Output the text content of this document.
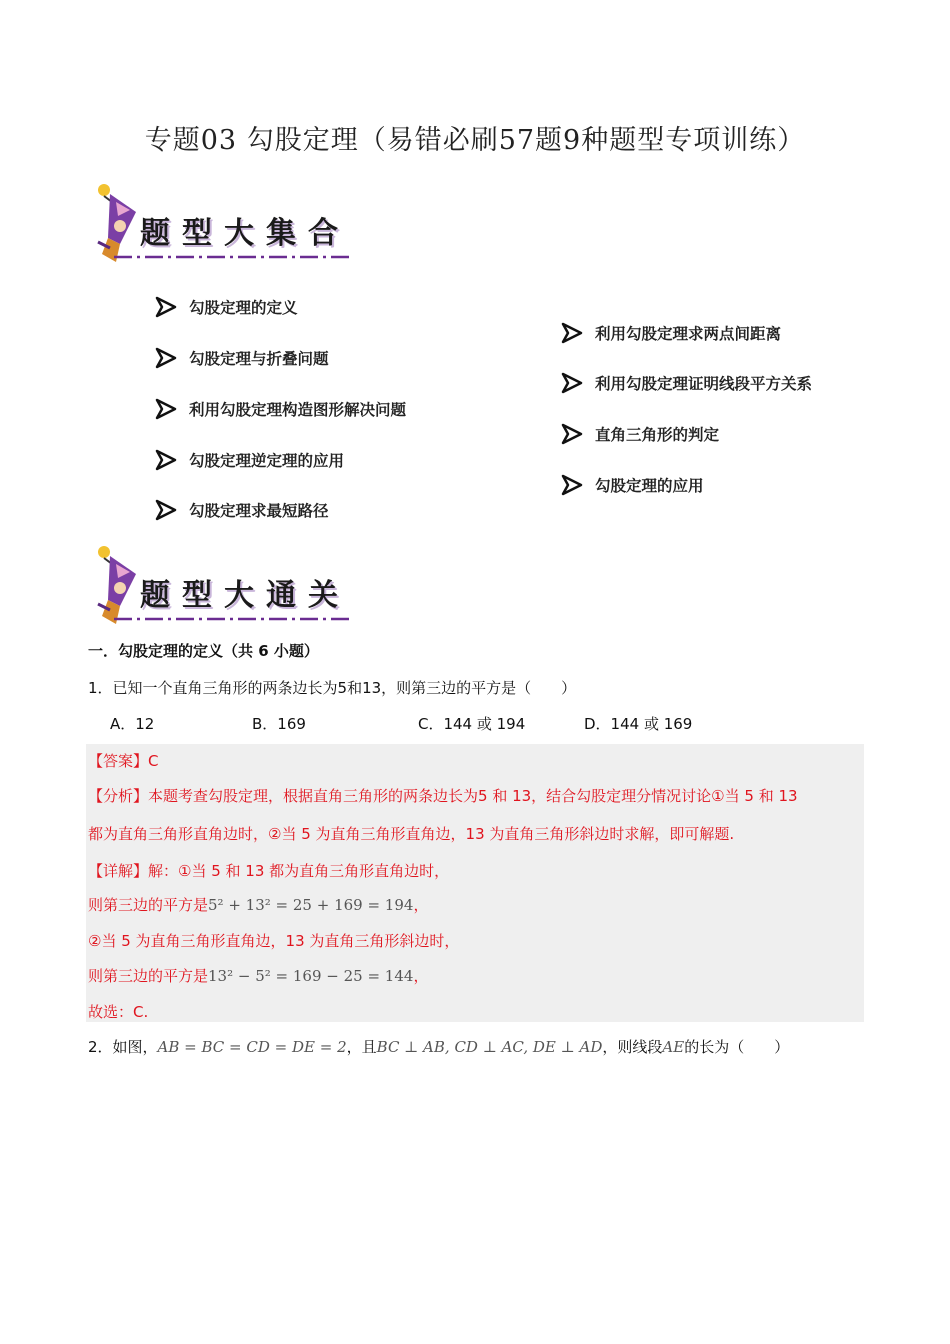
专题03 勾股定理（易错必刷57题9种题型专项训练）
题型大集合
勾股定理的定义
勾股定理与折叠问题
利用勾股定理构造图形解决问题
勾股定理逆定理的应用
勾股定理求最短路径
利用勾股定理求两点间距离
利用勾股定理证明线段平方关系
直角三角形的判定
勾股定理的应用
题型大通关
一．勾股定理的定义（共 6 小题）
1．已知一个直角三角形的两条边长为5和13，则第三边的平方是（　　）
A．12	B．169	C．144 或 194	D．144 或 169
【答案】C
【分析】本题考查勾股定理，根据直角三角形的两条边长为5 和 13，结合勾股定理分情况讨论①当 5 和 13
都为直角三角形直角边时，②当 5 为直角三角形直角边，13 为直角三角形斜边时求解，即可解题.
【详解】解：①当 5 和 13 都为直角三角形直角边时，
则第三边的平方是5² + 13² = 25 + 169 = 194，
②当 5 为直角三角形直角边，13 为直角三角形斜边时，
则第三边的平方是13² − 5² = 169 − 25 = 144，
故选：C.
2．如图，AB = BC = CD = DE = 2，且BC ⊥ AB, CD ⊥ AC, DE ⊥ AD，则线段AE的长为（　　）
